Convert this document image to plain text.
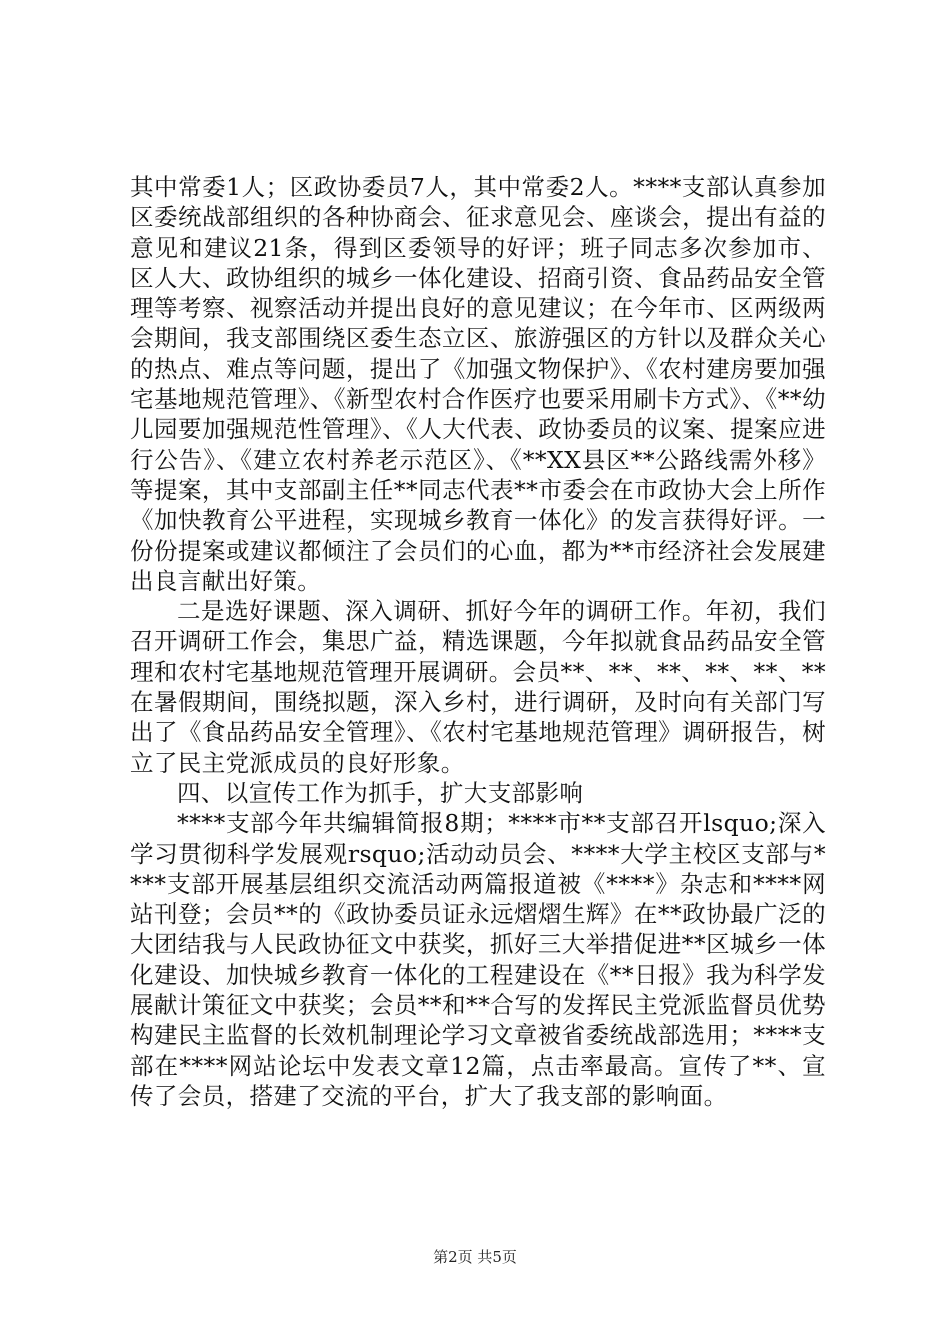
其中常委1人；区政协委员7人，其中常委2人。****支部认真参加区委统战部组织的各种协商会、征求意见会、座谈会，提出有益的意见和建议21条，得到区委领导的好评；班子同志多次参加市、区人大、政协组织的城乡一体化建设、招商引资、食品药品安全管理等考察、视察活动并提出良好的意见建议；在今年市、区两级两会期间，我支部围绕区委生态立区、旅游强区的方针以及群众关心的热点、难点等问题，提出了《加强文物保护》、《农村建房要加强宅基地规范管理》、《新型农村合作医疗也要采用刷卡方式》、《**幼儿园要加强规范性管理》、《人大代表、政协委员的议案、提案应进行公告》、《建立农村养老示范区》、《**XX县区**公路线需外移》等提案，其中支部副主任**同志代表**市委会在市政协大会上所作《加快教育公平进程，实现城乡教育一体化》的发言获得好评。一份份提案或建议都倾注了会员们的心血，都为**市经济社会发展建出良言献出好策。

二是选好课题、深入调研、抓好今年的调研工作。年初，我们召开调研工作会，集思广益，精选课题，今年拟就食品药品安全管理和农村宅基地规范管理开展调研。会员**、**、**、**、**、**在暑假期间，围绕拟题，深入乡村，进行调研，及时向有关部门写出了《食品药品安全管理》、《农村宅基地规范管理》调研报告，树立了民主党派成员的良好形象。

四、以宣传工作为抓手，扩大支部影响

****支部今年共编辑简报8期；****市**支部召开lsquo;深入学习贯彻科学发展观rsquo;活动动员会、****大学主校区支部与****支部开展基层组织交流活动两篇报道被《****》杂志和****网站刊登；会员**的《政协委员证永远熠熠生辉》在**政协最广泛的大团结我与人民政协征文中获奖，抓好三大举措促进**区城乡一体化建设、加快城乡教育一体化的工程建设在《**日报》我为科学发展献计策征文中获奖；会员**和**合写的发挥民主党派监督员优势构建民主监督的长效机制理论学习文章被省委统战部选用；****支部在****网站论坛中发表文章12篇，点击率最高。宣传了**、宣传了会员，搭建了交流的平台，扩大了我支部的影响面。

第2页 共5页
